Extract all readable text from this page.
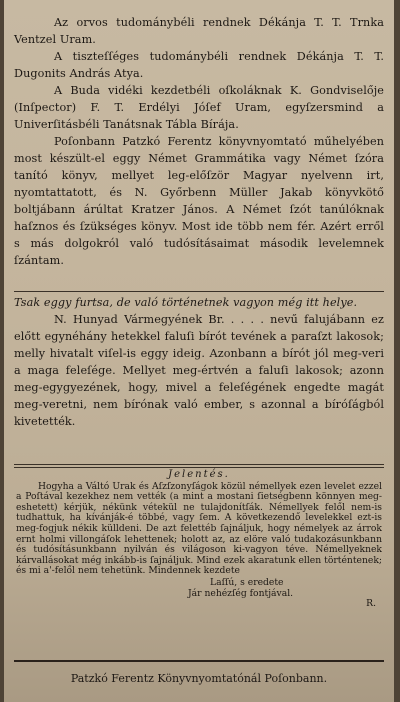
Az orvos tudománybéli rendnek Dékánja T. T. Trnka Ventzel Uram.

A tiszteſſéges tudománybéli rendnek Dékánja T. T. Dugonits András Atya.

A Buda vidéki kezdetbéli oſkoláknak K. Gondviselője (Inſpector) F. T. Erdélyi Jóſef Uram, egyſzersmind a Univerſitásbéli Tanátsnak Tábla Bírája.

Poſonbann Patzkó Ferentz könyvnyomtató műhelyében most készült-el eggy Német Grammátika vagy Német ſzóra tanító könyv, mellyet leg-előſzör Magyar nyelvenn irt, nyomtattatott, és N. Győrbenn Müller Jakab könyvkötő boltjábann árúltat Kratzer János. A Német ſzót tanúlóknak haſznos és ſzükséges könyv. Most ide több nem fér. Azért erről s más dolgokról való tudósításaimat második levelemnek ſzántam.

Tsak eggy furtsa, de való történetnek vagyon még itt helye.

N. Hunyad Vármegyének Br. . . . . nevű falujábann ez előtt egynéhány hetekkel faluſi bírót tevének a paraſzt lakosok; melly hivatalt viſel-is eggy ideig. Azonbann a bírót jól meg-veri a maga feleſége. Mellyet meg-értvén a faluſi lakosok; azonn meg-egygyezének, hogy, mivel a feleſégének engedte magát meg-veretni, nem bírónak való ember, s azonnal a bíróſágból kivetették.

Jelentés.

Hogyha a Váltó Urak és Aſzſzonyſágok közül némellyek ezen levelet ezzel a Poſtával kezekhez nem vették (a mint a mostani ſietségbenn könnyen meg-eshetett) kérjük, nékünk vétekül ne tulajdonítſák. Némellyek felől nem-is tudhattuk, ha kívánják-é többé, vagy ſem. A következendő levelekkel ezt-is meg-fogjuk nékik külldeni. De azt felettéb ſajnáljuk, hogy némelyek az árrok ernt holmi villongáſok lehettenek; holott az, az elöre való tudakozásunkbann és tudósításunkbann nyilván és világoson ki-vagyon téve. Némellyeknek kárvallásokat még inkább-is ſajnáljuk. Mind ezek akaratunk ellen történtenek; és mi a'-felől nem tehetünk. Mindennek kezdete

Laſſú, s eredete
Jár nehézſég fontjával.
R.
Patzkó Ferentz Könyvnyomtatónál Poſonbann.
